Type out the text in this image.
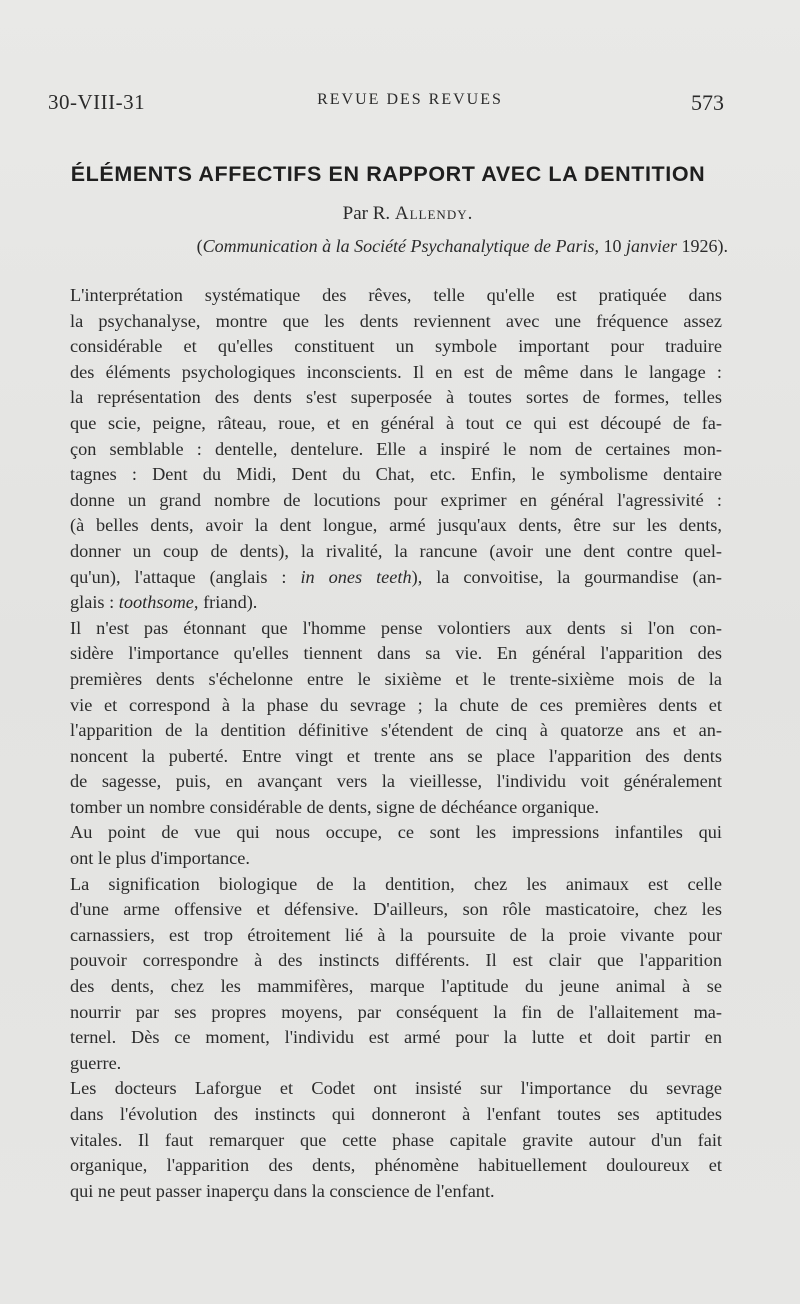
30-VIII-31	REVUE DES REVUES	573
ÉLÉMENTS AFFECTIFS EN RAPPORT AVEC LA DENTITION
Par R. Allendy.
(Communication à la Société Psychanalytique de Paris, 10 janvier 1926).

L'interprétation systématique des rêves, telle qu'elle est pratiquée dans
la psychanalyse, montre que les dents reviennent avec une fréquence assez
considérable et qu'elles constituent un symbole important pour traduire
des éléments psychologiques inconscients. Il en est de même dans le langage :
la représentation des dents s'est superposée à toutes sortes de formes, telles
que scie, peigne, râteau, roue, et en général à tout ce qui est découpé de fa-
çon semblable : dentelle, dentelure. Elle a inspiré le nom de certaines mon-
tagnes : Dent du Midi, Dent du Chat, etc. Enfin, le symbolisme dentaire
donne un grand nombre de locutions pour exprimer en général l'agressivité :
(à belles dents, avoir la dent longue, armé jusqu'aux dents, être sur les dents,
donner un coup de dents), la rivalité, la rancune (avoir une dent contre quel-
qu'un), l'attaque (anglais : in ones teeth), la convoitise, la gourmandise (an-
glais : toothsome, friand).

Il n'est pas étonnant que l'homme pense volontiers aux dents si l'on con-
sidère l'importance qu'elles tiennent dans sa vie. En général l'apparition des
premières dents s'échelonne entre le sixième et le trente-sixième mois de la
vie et correspond à la phase du sevrage ; la chute de ces premières dents et
l'apparition de la dentition définitive s'étendent de cinq à quatorze ans et an-
noncent la puberté. Entre vingt et trente ans se place l'apparition des dents
de sagesse, puis, en avançant vers la vieillesse, l'individu voit généralement
tomber un nombre considérable de dents, signe de déchéance organique.

Au point de vue qui nous occupe, ce sont les impressions infantiles qui
ont le plus d'importance.

La signification biologique de la dentition, chez les animaux est celle
d'une arme offensive et défensive. D'ailleurs, son rôle masticatoire, chez les
carnassiers, est trop étroitement lié à la poursuite de la proie vivante pour
pouvoir correspondre à des instincts différents. Il est clair que l'apparition
des dents, chez les mammifères, marque l'aptitude du jeune animal à se
nourrir par ses propres moyens, par conséquent la fin de l'allaitement ma-
ternel. Dès ce moment, l'individu est armé pour la lutte et doit partir en
guerre.

Les docteurs Laforgue et Codet ont insisté sur l'importance du sevrage
dans l'évolution des instincts qui donneront à l'enfant toutes ses aptitudes
vitales. Il faut remarquer que cette phase capitale gravite autour d'un fait
organique, l'apparition des dents, phénomène habituellement douloureux et
qui ne peut passer inaperçu dans la conscience de l'enfant.
